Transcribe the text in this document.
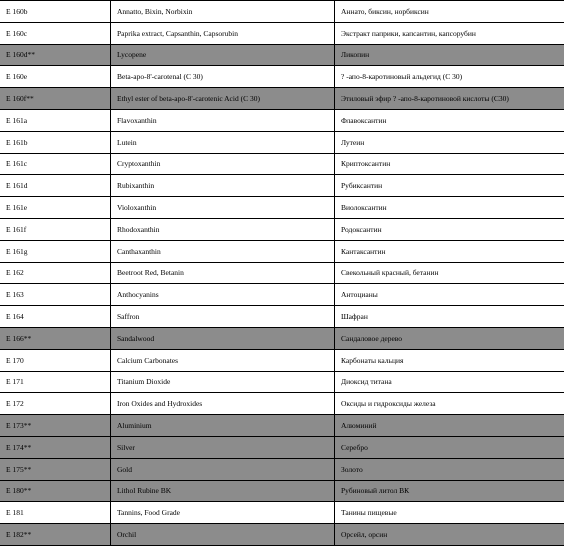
E 160b	Annatto, Bixin, Norbixin	Аннато, биксин, норбиксин
E 160c	Paprika extract, Capsanthin, Capsorubin	Экстракт паприки, капсантин, капсорубин
E 160d**	Lycopene	Ликопин
E 160e	Beta-apo-8'-carotenal (C 30)	? -апо-8-каротиновый альдегид (С 30)
E 160f**	Ethyl ester of beta-apo-8'-carotenic Acid (C 30)	Этиловый эфир ? -апо-8-каротиновой кислоты (С30)
E 161a	Flavoxanthin	Флавоксантин
E 161b	Lutein	Лутеин
E 161c	Cryptoxanthin	Криптоксантин
E 161d	Rubixanthin	Рубиксантин
E 161e	Violoxanthin	Виолоксантин
E 161f	Rhodoxanthin	Родоксантин
E 161g	Canthaxanthin	Кантаксантин
E 162	Beetroot Red, Betanin	Свекольный красный, бетанин
E 163	Anthocyanins	Антоцианы
E 164	Saffron	Шафран
E 166**	Sandalwood	Сандаловое дерево
E 170	Calcium Carbonates	Карбонаты кальция
E 171	Titanium Dioxide	Диоксид титана
E 172	Iron Oxides and Hydroxides	Оксиды и гидроксиды железа
E 173**	Aluminium	Алюминий
E 174**	Silver	Серебро
E 175**	Gold	Золото
E 180**	Lithol Rubine BK	Рубиновый литол ВК
E 181	Tannins, Food Grade	Танины пищевые
E 182**	Orchil	Орсейл, орсин
